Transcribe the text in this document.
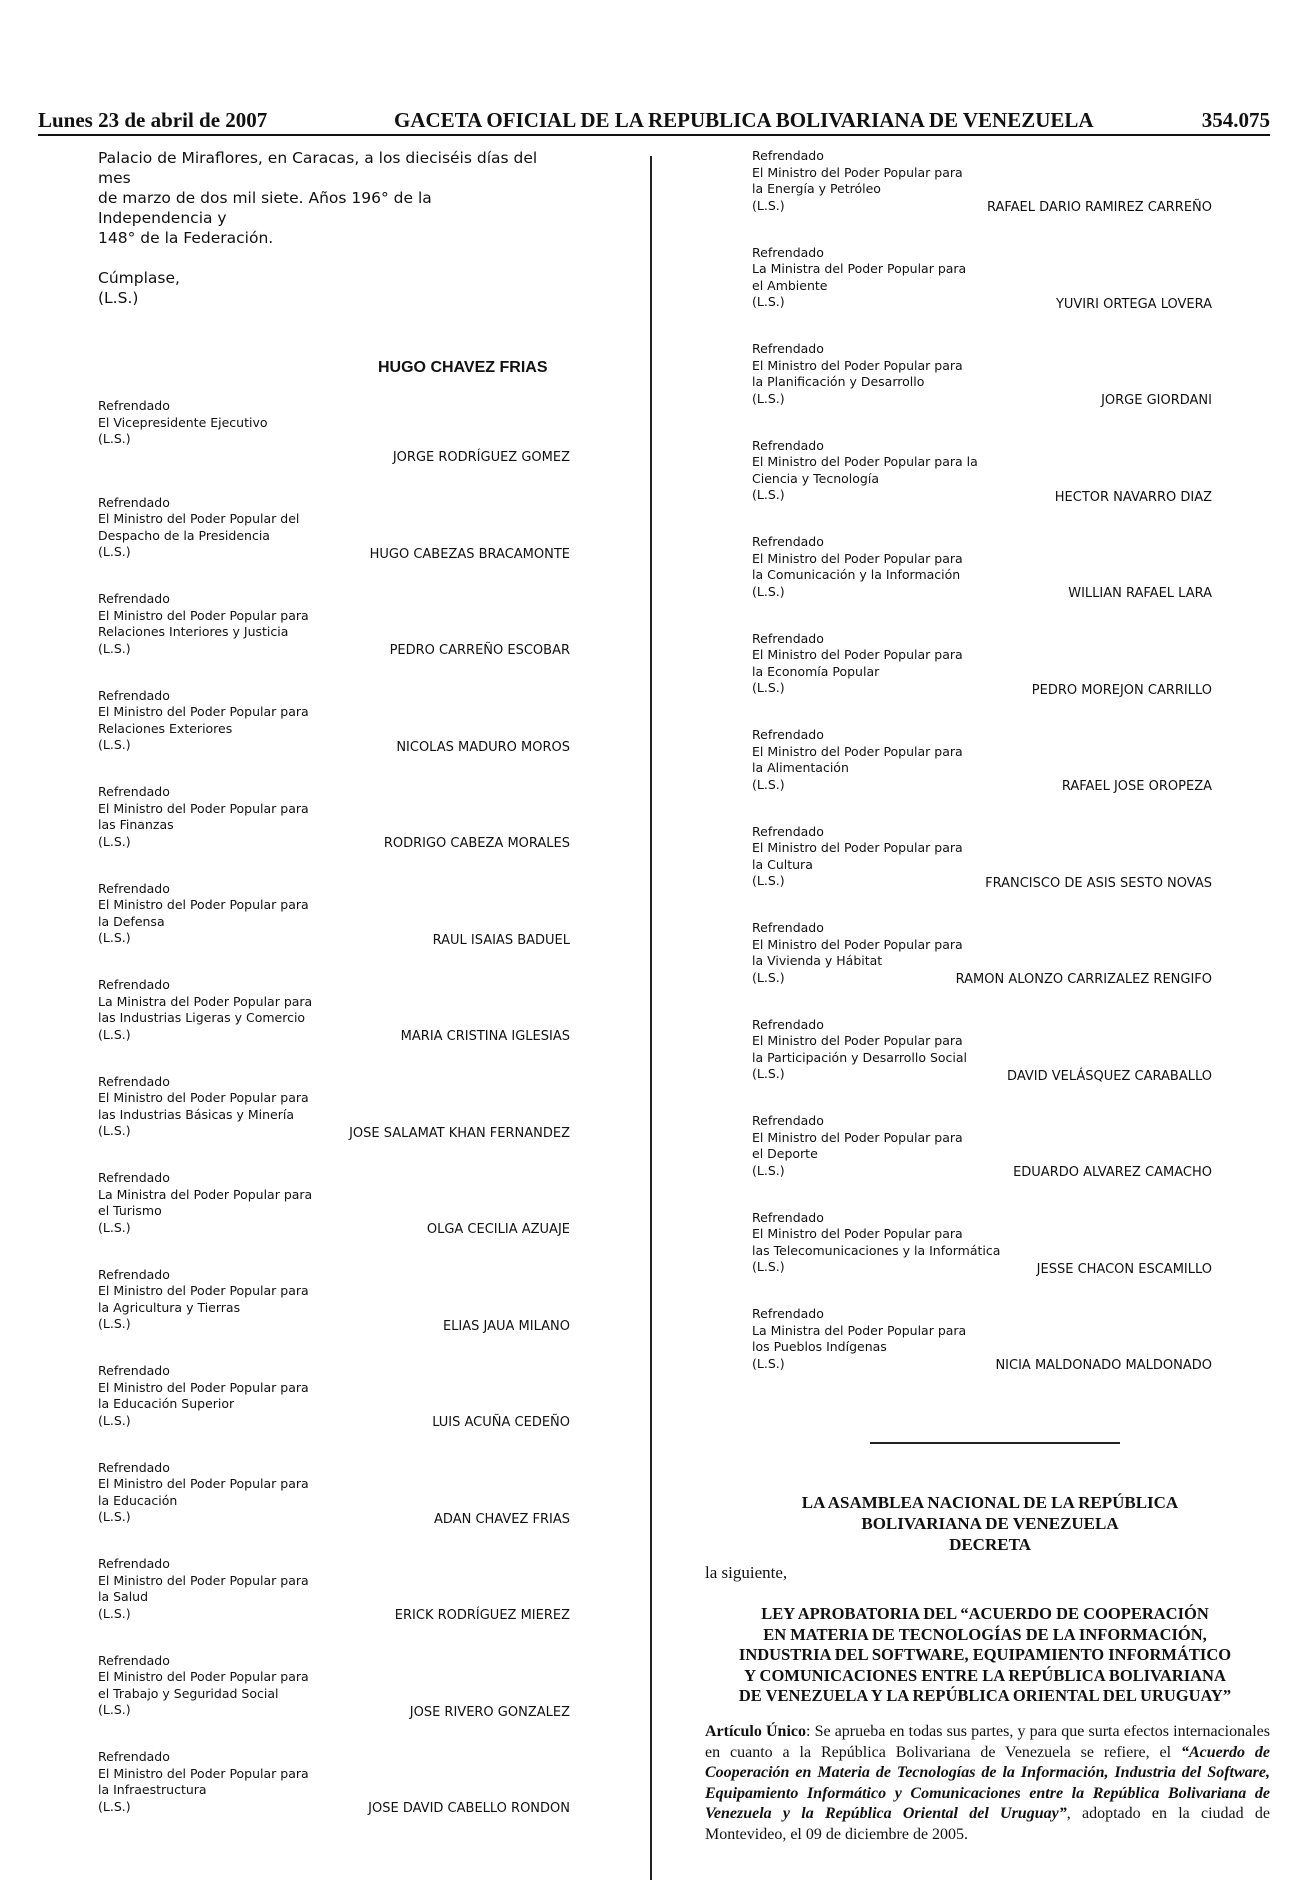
Lunes 23 de abril de 2007	GACETA OFICIAL DE LA REPUBLICA BOLIVARIANA DE VENEZUELA	354.075
Palacio de Miraflores, en Caracas, a los dieciséis días del mes
de marzo de dos mil siete. Años 196° de la Independencia y
148° de la Federación.
Cúmplase,
(L.S.)
HUGO CHAVEZ FRIAS
Refrendado
El Vicepresidente Ejecutivo
(L.S.)
JORGE RODRÍGUEZ GOMEZ
Refrendado
El Ministro del Poder Popular del
Despacho de la Presidencia
(L.S.)	HUGO CABEZAS BRACAMONTE
Refrendado
El Ministro del Poder Popular para
Relaciones Interiores y Justicia
(L.S.)	PEDRO CARREÑO ESCOBAR
Refrendado
El Ministro del Poder Popular para
Relaciones Exteriores
(L.S.)	NICOLAS MADURO MOROS
Refrendado
El Ministro del Poder Popular para
las Finanzas
(L.S.)	RODRIGO CABEZA MORALES
Refrendado
El Ministro del Poder Popular para
la Defensa
(L.S.)	RAUL ISAIAS BADUEL
Refrendado
La Ministra del Poder Popular para
las Industrias Ligeras y Comercio
(L.S.)	MARIA CRISTINA IGLESIAS
Refrendado
El Ministro del Poder Popular para
las Industrias Básicas y Minería
(L.S.)	JOSE SALAMAT KHAN FERNANDEZ
Refrendado
La Ministra del Poder Popular para
el Turismo
(L.S.)	OLGA CECILIA AZUAJE
Refrendado
El Ministro del Poder Popular para
la Agricultura y Tierras
(L.S.)	ELIAS JAUA MILANO
Refrendado
El Ministro del Poder Popular para
la Educación Superior
(L.S.)	LUIS ACUÑA CEDEÑO
Refrendado
El Ministro del Poder Popular para
la Educación
(L.S.)	ADAN CHAVEZ FRIAS
Refrendado
El Ministro del Poder Popular para
la Salud
(L.S.)	ERICK RODRÍGUEZ MIEREZ
Refrendado
El Ministro del Poder Popular para
el Trabajo y Seguridad Social
(L.S.)	JOSE RIVERO GONZALEZ
Refrendado
El Ministro del Poder Popular para
la Infraestructura
(L.S.)	JOSE DAVID CABELLO RONDON
Refrendado
El Ministro del Poder Popular para
la Energía y Petróleo
(L.S.)	RAFAEL DARIO RAMIREZ CARREÑO
Refrendado
La Ministra del Poder Popular para
el Ambiente
(L.S.)	YUVIRI ORTEGA LOVERA
Refrendado
El Ministro del Poder Popular para
la Planificación y Desarrollo
(L.S.)	JORGE GIORDANI
Refrendado
El Ministro del Poder Popular para la
Ciencia y Tecnología
(L.S.)	HECTOR NAVARRO DIAZ
Refrendado
El Ministro del Poder Popular para
la Comunicación y la Información
(L.S.)	WILLIAN RAFAEL LARA
Refrendado
El Ministro del Poder Popular para
la Economía Popular
(L.S.)	PEDRO MOREJON CARRILLO
Refrendado
El Ministro del Poder Popular para
la Alimentación
(L.S.)	RAFAEL JOSE OROPEZA
Refrendado
El Ministro del Poder Popular para
la Cultura
(L.S.)	FRANCISCO DE ASIS SESTO NOVAS
Refrendado
El Ministro del Poder Popular para
la Vivienda y Hábitat
(L.S.)	RAMON ALONZO CARRIZALEZ RENGIFO
Refrendado
El Ministro del Poder Popular para
la Participación y Desarrollo Social
(L.S.)	DAVID VELÁSQUEZ CARABALLO
Refrendado
El Ministro del Poder Popular para
el Deporte
(L.S.)	EDUARDO ALVAREZ CAMACHO
Refrendado
El Ministro del Poder Popular para
las Telecomunicaciones y la Informática
(L.S.)	JESSE CHACON ESCAMILLO
Refrendado
La Ministra del Poder Popular para
los Pueblos Indígenas
(L.S.)	NICIA MALDONADO MALDONADO
LA ASAMBLEA NACIONAL DE LA REPÚBLICA
BOLIVARIANA DE VENEZUELA
DECRETA
la siguiente,
LEY APROBATORIA DEL “ACUERDO DE COOPERACIÓN
EN MATERIA DE TECNOLOGÍAS DE LA INFORMACIÓN,
INDUSTRIA DEL SOFTWARE, EQUIPAMIENTO INFORMÁTICO
Y COMUNICACIONES ENTRE LA REPÚBLICA BOLIVARIANA
DE VENEZUELA Y LA REPÚBLICA ORIENTAL DEL URUGUAY”
Artículo Único: Se aprueba en todas sus partes, y para que surta efectos internacionales en cuanto a la República Bolivariana de Venezuela se refiere, el “Acuerdo de Cooperación en Materia de Tecnologías de la Información, Industria del Software, Equipamiento Informático y Comunicaciones entre la República Bolivariana de Venezuela y la República Oriental del Uruguay”, adoptado en la ciudad de Montevideo, el 09 de diciembre de 2005.
